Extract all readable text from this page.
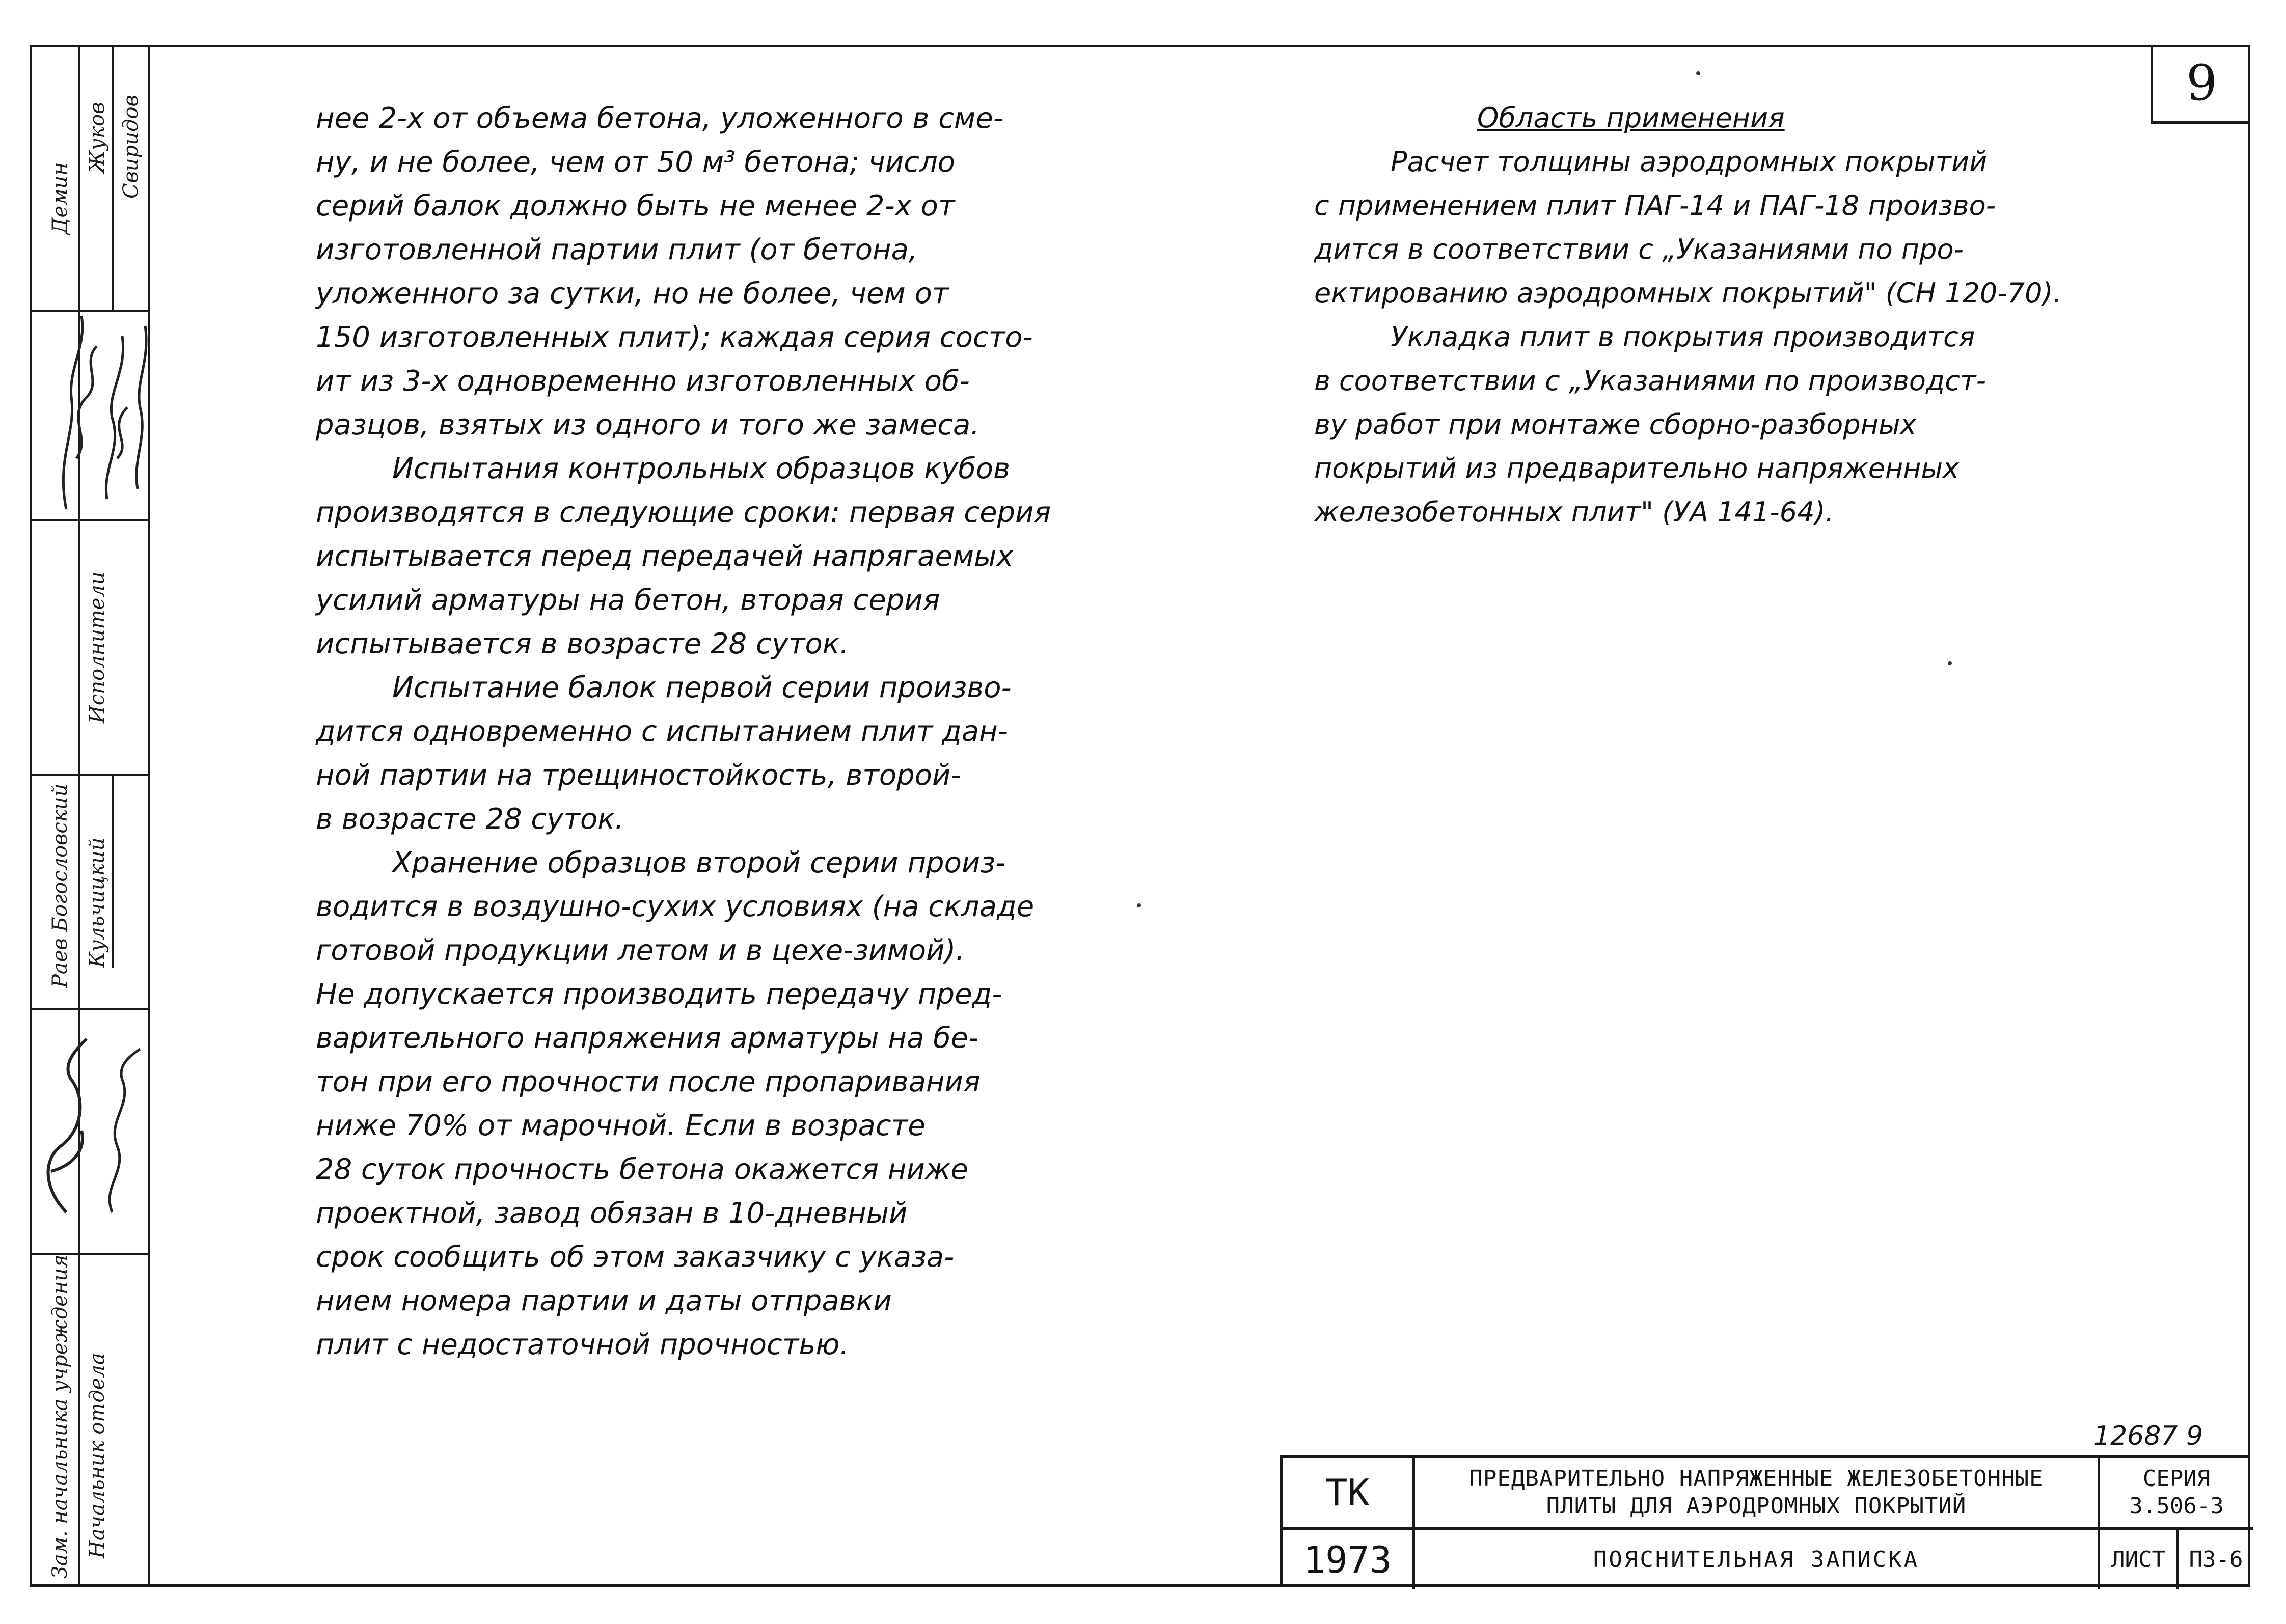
Демин
Жуков Свиридов
Исполнители
Раев Богословский Кульчицкий
Зам. начальника учреждения Начальник отдела
9
нее 2-х от объема бетона, уложенного в сме-
ну, и не более, чем от 50 м³ бетона; число
серий балок должно быть не менее 2-х от
изготовленной партии плит (от бетона,
уложенного за сутки, но не более, чем от
150 изготовленных плит); каждая серия состо-
ит из 3-х одновременно изготовленных об-
разцов, взятых из одного и того же замеса.
Испытания контрольных образцов кубов
производятся в следующие сроки: первая серия
испытывается перед передачей напрягаемых
усилий арматуры на бетон, вторая серия
испытывается в возрасте 28 суток.
Испытание балок первой серии произво-
дится одновременно с испытанием плит дан-
ной партии на трещиностойкость, второй-
в возрасте 28 суток.
Хранение образцов второй серии произ-
водится в воздушно-сухих условиях (на складе
готовой продукции летом и в цехе-зимой).
Не допускается производить передачу пред-
варительного напряжения арматуры на бе-
тон при его прочности после пропаривания
ниже 70% от марочной. Если в возрасте
28 суток прочность бетона окажется ниже
проектной, завод обязан в 10-дневный
срок сообщить об этом заказчику с указа-
нием номера партии и даты отправки
плит с недостаточной прочностью.
Область применения
Расчет толщины аэродромных покрытий
с применением плит ПАГ-14 и ПАГ-18 произво-
дится в соответствии с „Указаниями по про-
ектированию аэродромных покрытий" (СН 120-70).
Укладка плит в покрытия производится
в соответствии с „Указаниями по производст-
ву работ при монтаже сборно-разборных
покрытий из предварительно напряженных
железобетонных плит" (УА 141-64).
12687 9
ТК
1973
ПРЕДВАРИТЕЛЬНО НАПРЯЖЕННЫЕ ЖЕЛЕЗОБЕТОННЫЕ
ПЛИТЫ ДЛЯ АЭРОДРОМНЫХ ПОКРЫТИЙ
ПОЯСНИТЕЛЬНАЯ ЗАПИСКА
СЕРИЯ
3.506-3
ЛИСТ	ПЗ-6
